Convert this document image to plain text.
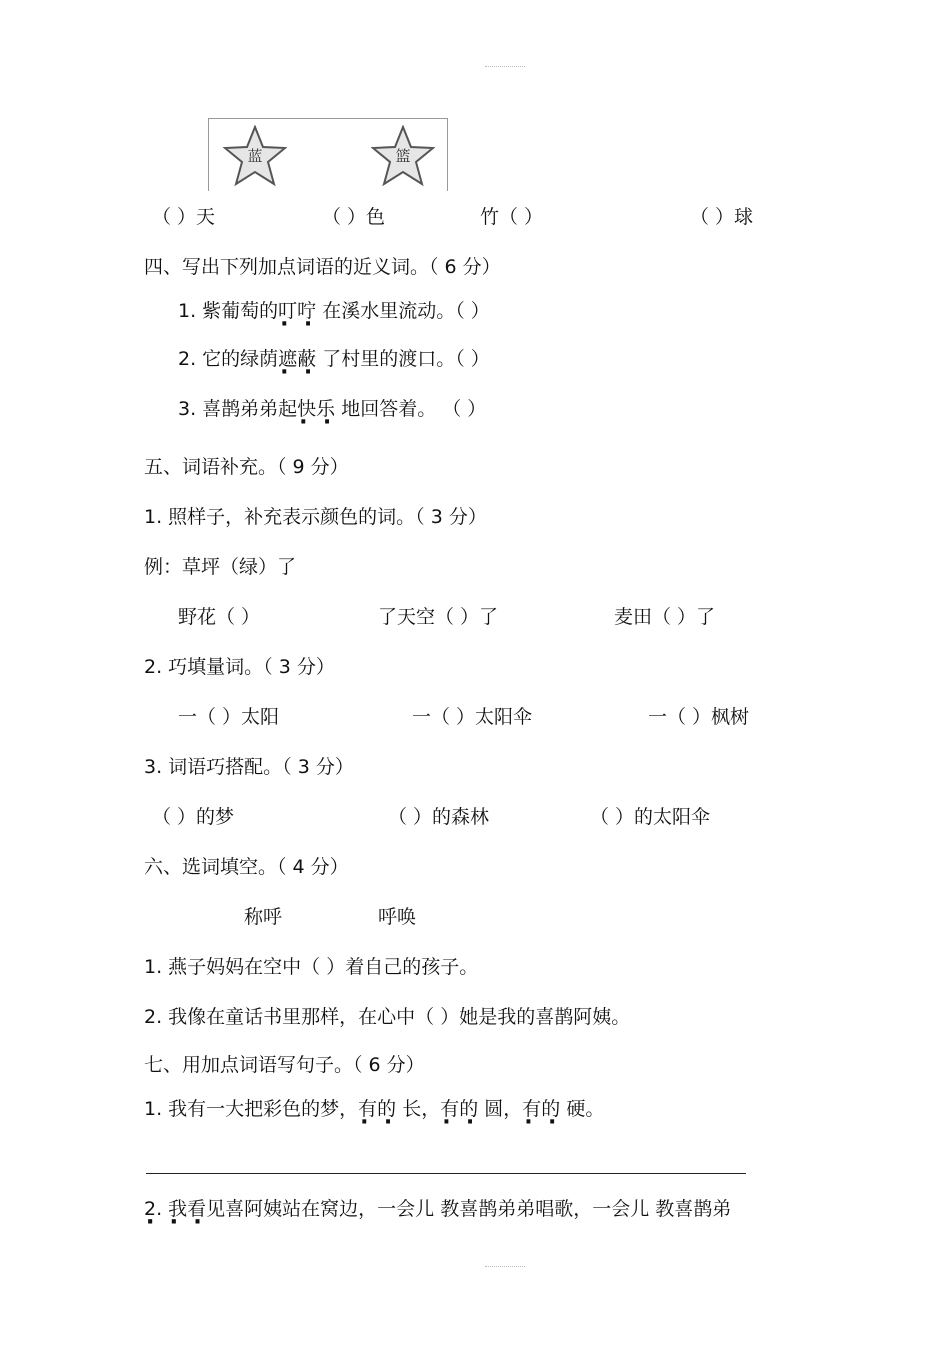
蓝	篮
（ ）天	（ ）色	竹（ ）	（ ）球
四、写出下列加点词语的近义词。（ 6 分）
1. 紫葡萄的叮咛 ·  · 在溪水里流动。（ ）
2. 它的绿荫遮蔽 ·  · 了村里的渡口。（ ）
3. 喜鹊弟弟起快乐 ·  · 地回答着。 （ ）
五、词语补充。（ 9 分）
1. 照样子，补充表示颜色的词。（ 3 分）
例：草坪（绿）了
野花（ ）	了天空（ ）了	麦田（ ）了
2. 巧填量词。（ 3 分）
一（ ）太阳	一（ ）太阳伞	一（ ）枫树
3. 词语巧搭配。（ 3 分）
（ ）的梦	（ ）的森林	（ ）的太阳伞
六、选词填空。（ 4 分）
称呼	呼唤
1. 燕子妈妈在空中（ ）着自己的孩子。
2. 我像在童话书里那样，在心中（ ）她是我的喜鹊阿姨。
七、用加点词语写句子。（ 6 分）
1. 我有一大把彩色的梦，有的 ·  · 长，有的 ·  · 圆，有的 ·  · 硬。
2. 我看见喜阿姨站在窝边，一会儿 ·  ·  · 教喜鹊弟弟唱歌，一会儿 ·  ·  · 教喜鹊弟
